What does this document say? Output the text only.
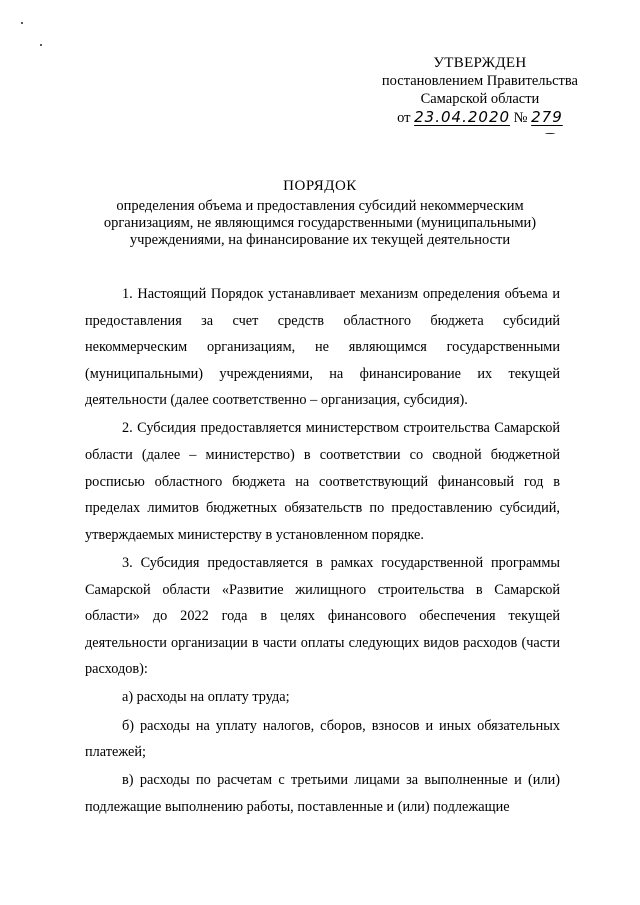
УТВЕРЖДЕН
постановлением Правительства
Самарской области
от 23.04.2020 № 279
ПОРЯДОК
определения объема и предоставления субсидий некоммерческим
организациям, не являющимся государственными (муниципальными)
учреждениями, на финансирование их текущей деятельности

1. Настоящий Порядок устанавливает механизм определения объема и предоставления за счет средств областного бюджета субсидий некоммерческим организациям, не являющимся государственными (муниципальными) учреждениями, на финансирование их текущей деятельности (далее соответственно – организация, субсидия).

2. Субсидия предоставляется министерством строительства Самарской области (далее – министерство) в соответствии со сводной бюджетной росписью областного бюджета на соответствующий финансовый год в пределах лимитов бюджетных обязательств по предоставлению субсидий, утверждаемых министерству в установленном порядке.

3. Субсидия предоставляется в рамках государственной программы Самарской области «Развитие жилищного строительства в Самарской области» до 2022 года в целях финансового обеспечения текущей деятельности организации в части оплаты следующих видов расходов (части расходов):

а) расходы на оплату труда;

б) расходы на уплату налогов, сборов, взносов и иных обязательных платежей;

в) расходы по расчетам с третьими лицами за выполненные и (или) подлежащие выполнению работы, поставленные и (или) подлежащие
